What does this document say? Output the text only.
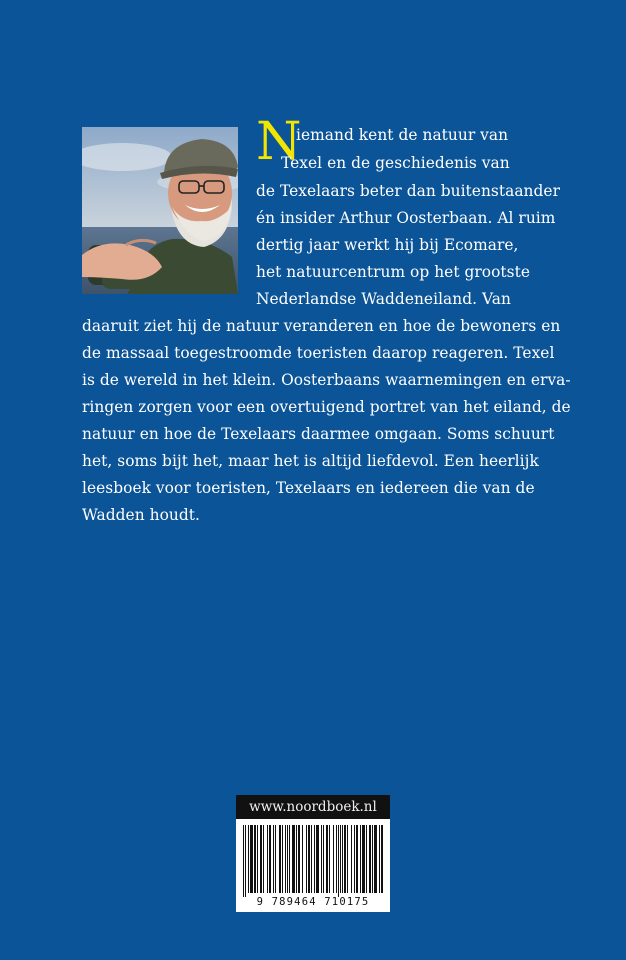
N
iemand kent de natuur van
Texel en de geschiedenis van
de Texelaars beter dan buitenstaander
én insider Arthur Oosterbaan. Al ruim
dertig jaar werkt hij bij Ecomare,
het natuurcentrum op het grootste
Nederlandse Waddeneiland. Van
daaruit ziet hij de natuur veranderen en hoe de bewoners en
de massaal toegestroomde toeristen daarop reageren. Texel
is de wereld in het klein. Oosterbaans waarnemingen en erva-
ringen zorgen voor een overtuigend portret van het eiland, de
natuur en hoe de Texelaars daarmee omgaan. Soms schuurt
het, soms bijt het, maar het is altijd liefdevol. Een heerlijk
leesboek voor toeristen, Texelaars en iedereen die van de
Wadden houdt.
www.noordboek.nl
9 789464 710175
